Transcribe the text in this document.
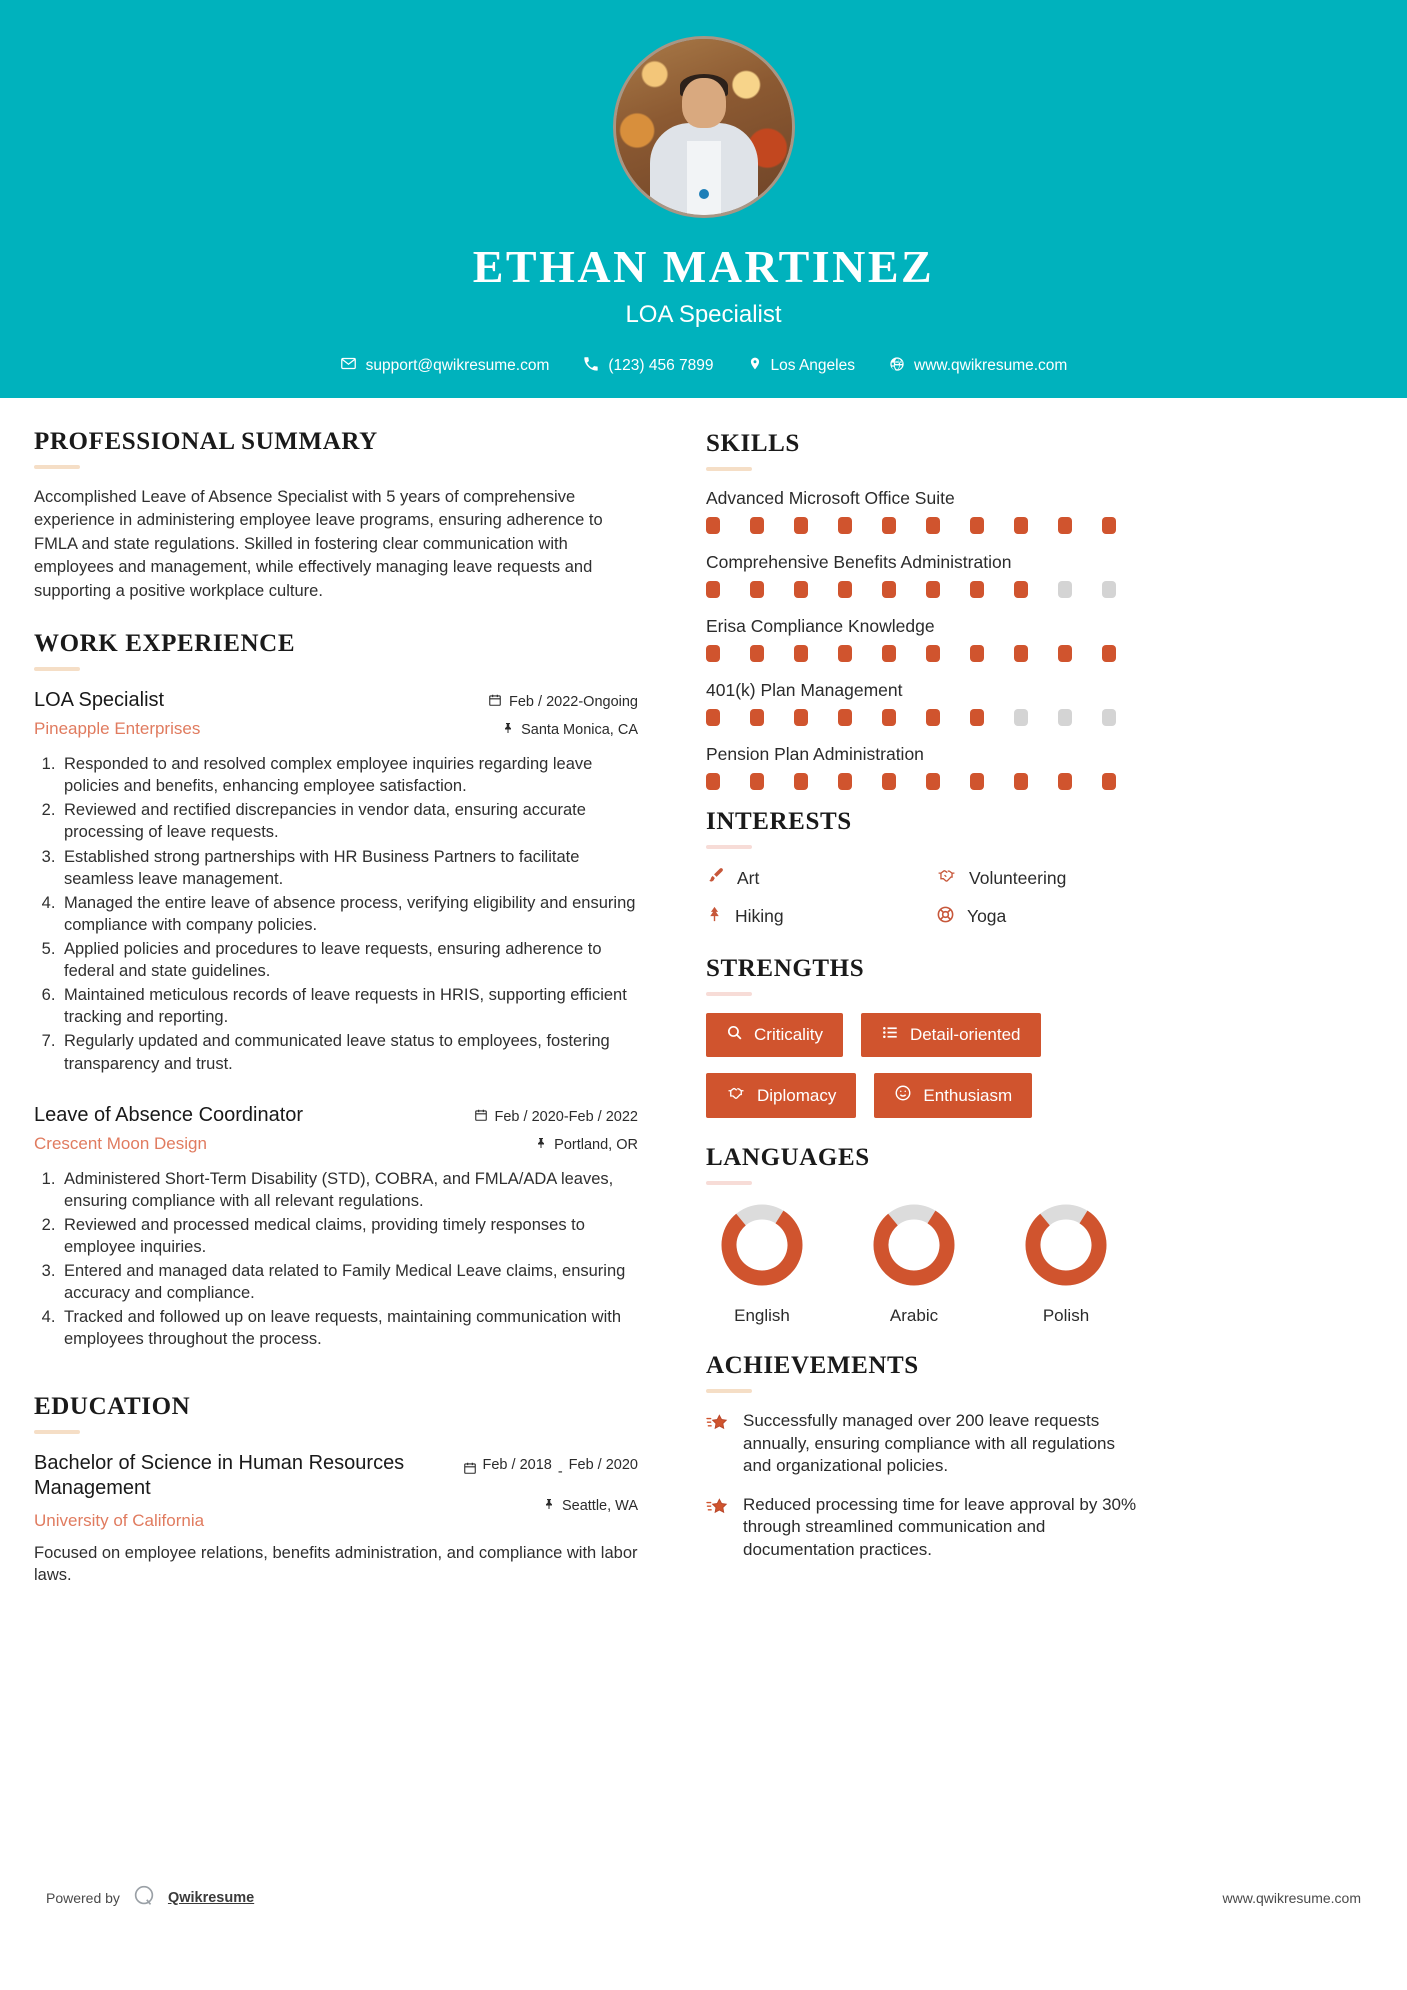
ETHAN MARTINEZ
LOA Specialist
support@qwikresume.com	(123) 456 7899	Los Angeles	www.qwikresume.com
PROFESSIONAL SUMMARY
Accomplished Leave of Absence Specialist with 5 years of comprehensive experience in administering employee leave programs, ensuring adherence to FMLA and state regulations. Skilled in fostering clear communication with employees and management, while effectively managing leave requests and supporting a positive workplace culture.
WORK EXPERIENCE
LOA Specialist
Pineapple Enterprises
Feb / 2022-Ongoing
Santa Monica, CA
1. Responded to and resolved complex employee inquiries regarding leave policies and benefits, enhancing employee satisfaction.
2. Reviewed and rectified discrepancies in vendor data, ensuring accurate processing of leave requests.
3. Established strong partnerships with HR Business Partners to facilitate seamless leave management.
4. Managed the entire leave of absence process, verifying eligibility and ensuring compliance with company policies.
5. Applied policies and procedures to leave requests, ensuring adherence to federal and state guidelines.
6. Maintained meticulous records of leave requests in HRIS, supporting efficient tracking and reporting.
7. Regularly updated and communicated leave status to employees, fostering transparency and trust.
Leave of Absence Coordinator
Crescent Moon Design
Feb / 2020-Feb / 2022
Portland, OR
1. Administered Short-Term Disability (STD), COBRA, and FMLA/ADA leaves, ensuring compliance with all relevant regulations.
2. Reviewed and processed medical claims, providing timely responses to employee inquiries.
3. Entered and managed data related to Family Medical Leave claims, ensuring accuracy and compliance.
4. Tracked and followed up on leave requests, maintaining communication with employees throughout the process.
EDUCATION
Bachelor of Science in Human Resources Management
University of California
Feb / 2018 - Feb / 2020
Seattle, WA
Focused on employee relations, benefits administration, and compliance with labor laws.
SKILLS
Advanced Microsoft Office Suite
Comprehensive Benefits Administration
Erisa Compliance Knowledge
401(k) Plan Management
Pension Plan Administration
INTERESTS
Art	Volunteering
Hiking	Yoga
STRENGTHS
Criticality	Detail-oriented
Diplomacy	Enthusiasm
LANGUAGES
English	Arabic	Polish
ACHIEVEMENTS
Successfully managed over 200 leave requests annually, ensuring compliance with all regulations and organizational policies.
Reduced processing time for leave approval by 30% through streamlined communication and documentation practices.
Powered by	Qwikresume	www.qwikresume.com
